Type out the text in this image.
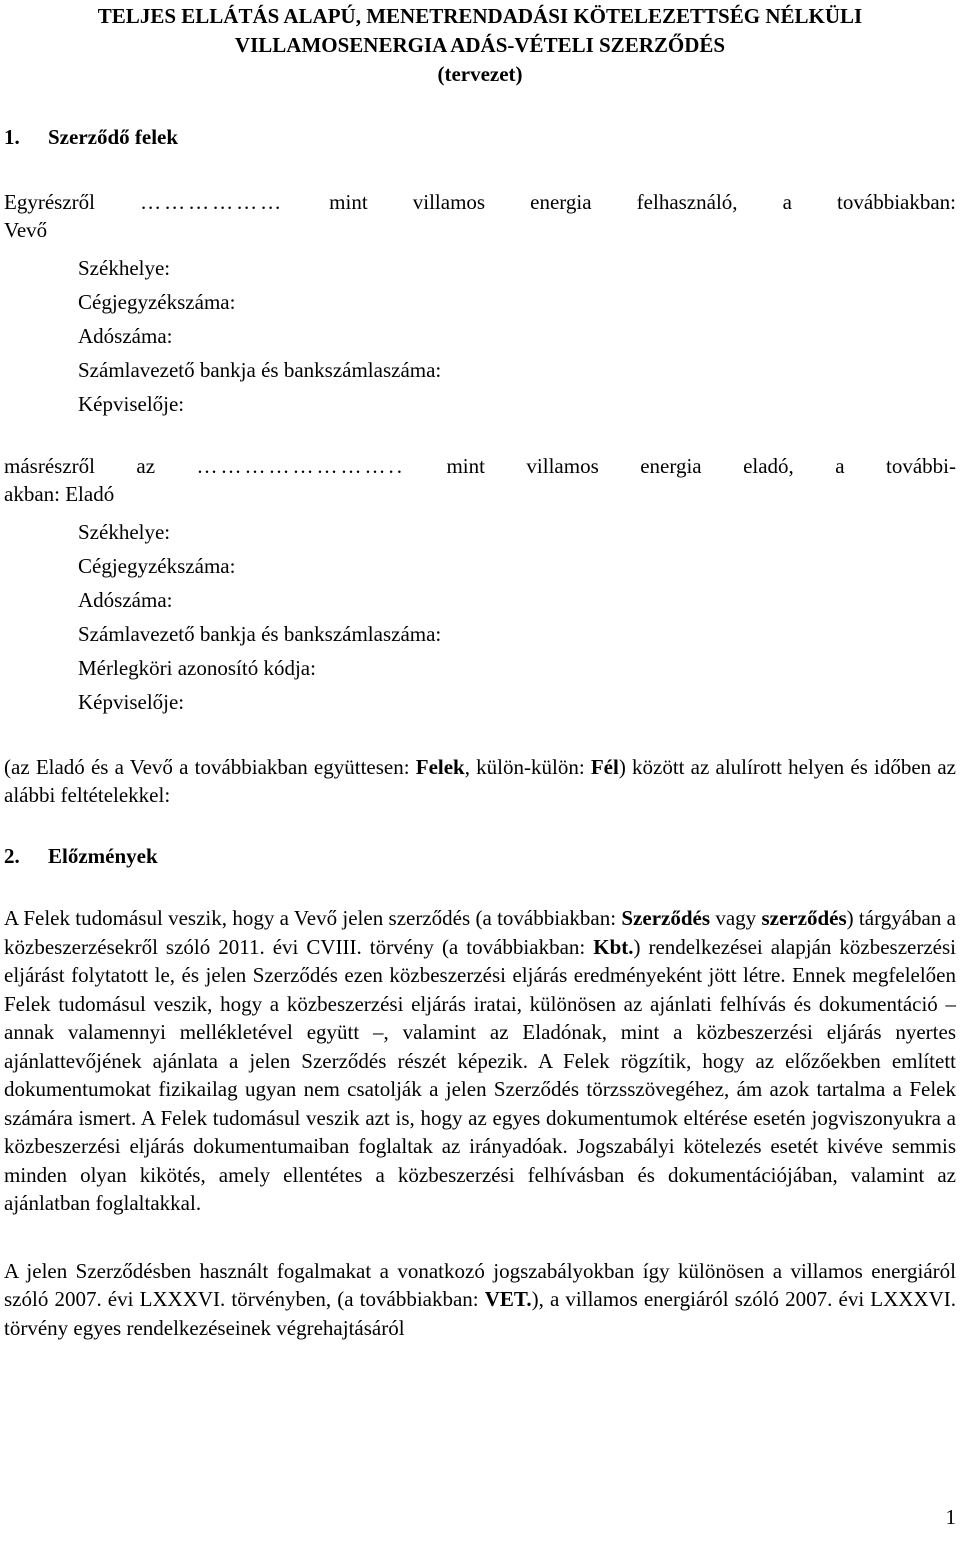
TELJES ELLÁTÁS ALAPÚ, MENETRENDADÁSI KÖTELEZETTSÉG NÉLKÜLI
VILLAMOSENERGIA ADÁS-VÉTELI SZERZŐDÉS
(tervezet)
1. Szerződő felek
Egyrészről ……………… mint villamos energia felhasználó, a továbbiakban:
Vevő
Székhelye:
Cégjegyzékszáma:
Adószáma:
Számlavezető bankja és bankszámlaszáma:
Képviselője:
másrészről az …………………….. mint villamos energia eladó, a további-
akban: Eladó
Székhelye:
Cégjegyzékszáma:
Adószáma:
Számlavezető bankja és bankszámlaszáma:
Mérlegköri azonosító kódja:
Képviselője:
(az Eladó és a Vevő a továbbiakban együttesen: Felek, külön-külön: Fél) között az alulírott helyen és időben az alábbi feltételekkel:
2. Előzmények
A Felek tudomásul veszik, hogy a Vevő jelen szerződés (a továbbiakban: Szerződés vagy szerződés) tárgyában a közbeszerzésekről szóló 2011. évi CVIII. törvény (a továbbiakban: Kbt.) rendelkezései alapján közbeszerzési eljárást folytatott le, és jelen Szerződés ezen közbeszerzési eljárás eredményeként jött létre. Ennek megfelelően Felek tudomásul veszik, hogy a közbeszerzési eljárás iratai, különösen az ajánlati felhívás és dokumentáció – annak valamennyi mellékletével együtt –, valamint az Eladónak, mint a közbeszerzési eljárás nyertes ajánlattevőjének ajánlata a jelen Szerződés részét képezik. A Felek rögzítik, hogy az előzőekben említett dokumentumokat fizikailag ugyan nem csatolják a jelen Szerződés törzsszövegéhez, ám azok tartalma a Felek számára ismert. A Felek tudomásul veszik azt is, hogy az egyes dokumentumok eltérése esetén jogviszonyukra a közbeszerzési eljárás dokumentumaiban foglaltak az irányadóak. Jogszabályi kötelezés esetét kivéve semmis minden olyan kikötés, amely ellentétes a közbeszerzési felhívásban és dokumentációjában, valamint az ajánlatban foglaltakkal.
A jelen Szerződésben használt fogalmakat a vonatkozó jogszabályokban így különösen a villamos energiáról szóló 2007. évi LXXXVI. törvényben, (a továbbiakban: VET.), a villamos energiáról szóló 2007. évi LXXXVI. törvény egyes rendelkezéseinek végrehajtásáról
1
